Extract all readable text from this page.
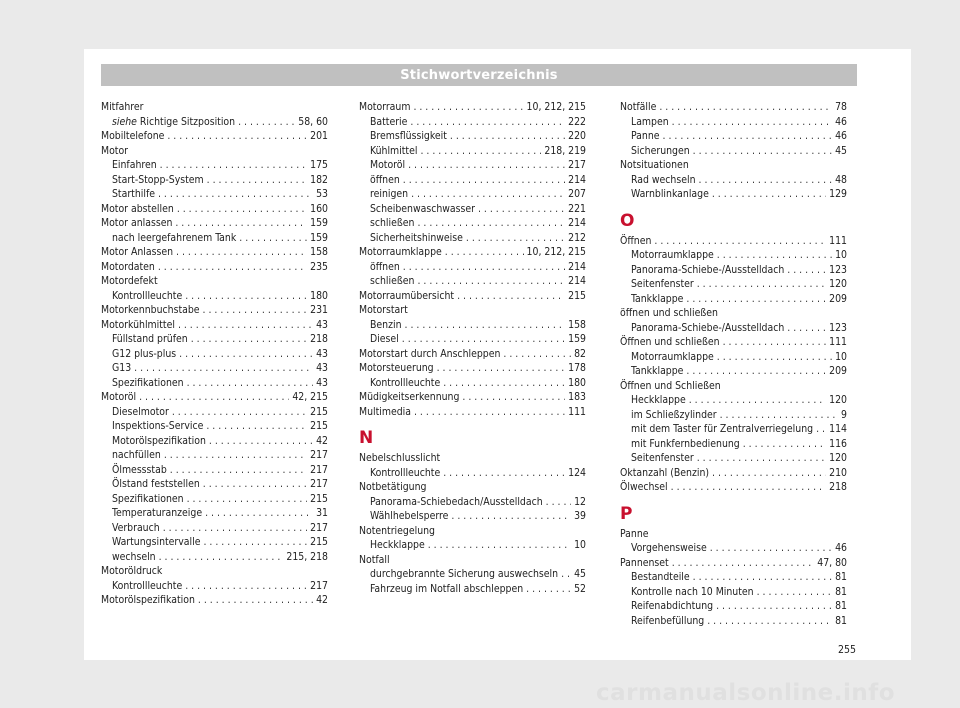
Stichwortverzeichnis
Mitfahrer
siehe Richtige Sitzposition . . .	58, 60
Mobiltelefone . . .	201
Motor
Einfahren . . .	175
Start-Stopp-System . . .	182
Starthilfe . . .	53
Motor abstellen . . .	160
Motor anlassen . . .	159
nach leergefahrenem Tank . . .	159
Motor Anlassen . . .	158
Motordaten . . .	235
Motordefekt
Kontrollleuchte . . .	180
Motorkennbuchstabe . . .	231
Motorkühlmittel . . .	43
Füllstand prüfen . . .	218
G12 plus-plus . . .	43
G13 . . .	43
Spezifikationen . . .	43
Motoröl . . .	42, 215
Dieselmotor . . .	215
Inspektions-Service . . .	215
Motorölspezifikation . . .	42
nachfüllen . . .	217
Ölmessstab . . .	217
Ölstand feststellen . . .	217
Spezifikationen . . .	215
Temperaturanzeige . . .	31
Verbrauch . . .	217
Wartungsintervalle . . .	215
wechseln . . .	215, 218
Motoröldruck
Kontrollleuchte . . .	217
Motorölspezifikation . . .	42
Motorraum . . .	10, 212, 215
Batterie . . .	222
Bremsflüssigkeit . . .	220
Kühlmittel . . .	218, 219
Motoröl . . .	217
öffnen . . .	214
reinigen . . .	207
Scheibenwaschwasser . . .	221
schließen . . .	214
Sicherheitshinweise . . .	212
Motorraumklappe . . .	10, 212, 215
öffnen . . .	214
schließen . . .	214
Motorraumübersicht . . .	215
Motorstart
Benzin . . .	158
Diesel . . .	159
Motorstart durch Anschleppen . . .	82
Motorsteuerung . . .	178
Kontrollleuchte . . .	180
Müdigkeitserkennung . . .	183
Multimedia . . .	111
N
Nebelschlusslicht
Kontrollleuchte . . .	124
Notbetätigung
Panorama-Schiebedach/Ausstelldach . . .	12
Wählhebelsperre . . .	39
Notentriegelung
Heckklappe . . .	10
Notfall
durchgebrannte Sicherung auswechseln . . . 45
Fahrzeug im Notfall abschleppen . . .	52
Notfälle . . .	78
Lampen . . .	46
Panne . . .	46
Sicherungen . . .	45
Notsituationen
Rad wechseln . . .	48
Warnblinkanlage . . .	129
O
Öffnen . . .	111
Motorraumklappe . . .	10
Panorama-Schiebe-/Ausstelldach . . .	123
Seitenfenster . . .	120
Tankklappe . . .	209
öffnen und schließen
Panorama-Schiebe-/Ausstelldach . . .	123
Öffnen und schließen . . .	111
Motorraumklappe . . .	10
Tankklappe . . .	209
Öffnen und Schließen
Heckklappe . . .	120
im Schließzylinder . . .	9
mit dem Taster für Zentralverriegelung . . . 114
mit Funkfernbedienung . . .	116
Seitenfenster . . .	120
Oktanzahl (Benzin) . . .	210
Ölwechsel . . .	218
P
Panne
Vorgehensweise . . .	46
Pannenset . . .	47, 80
Bestandteile . . .	81
Kontrolle nach 10 Minuten . . .	81
Reifenabdichtung . . .	81
Reifenbefüllung . . .	81
255
carmanualsonline.info
